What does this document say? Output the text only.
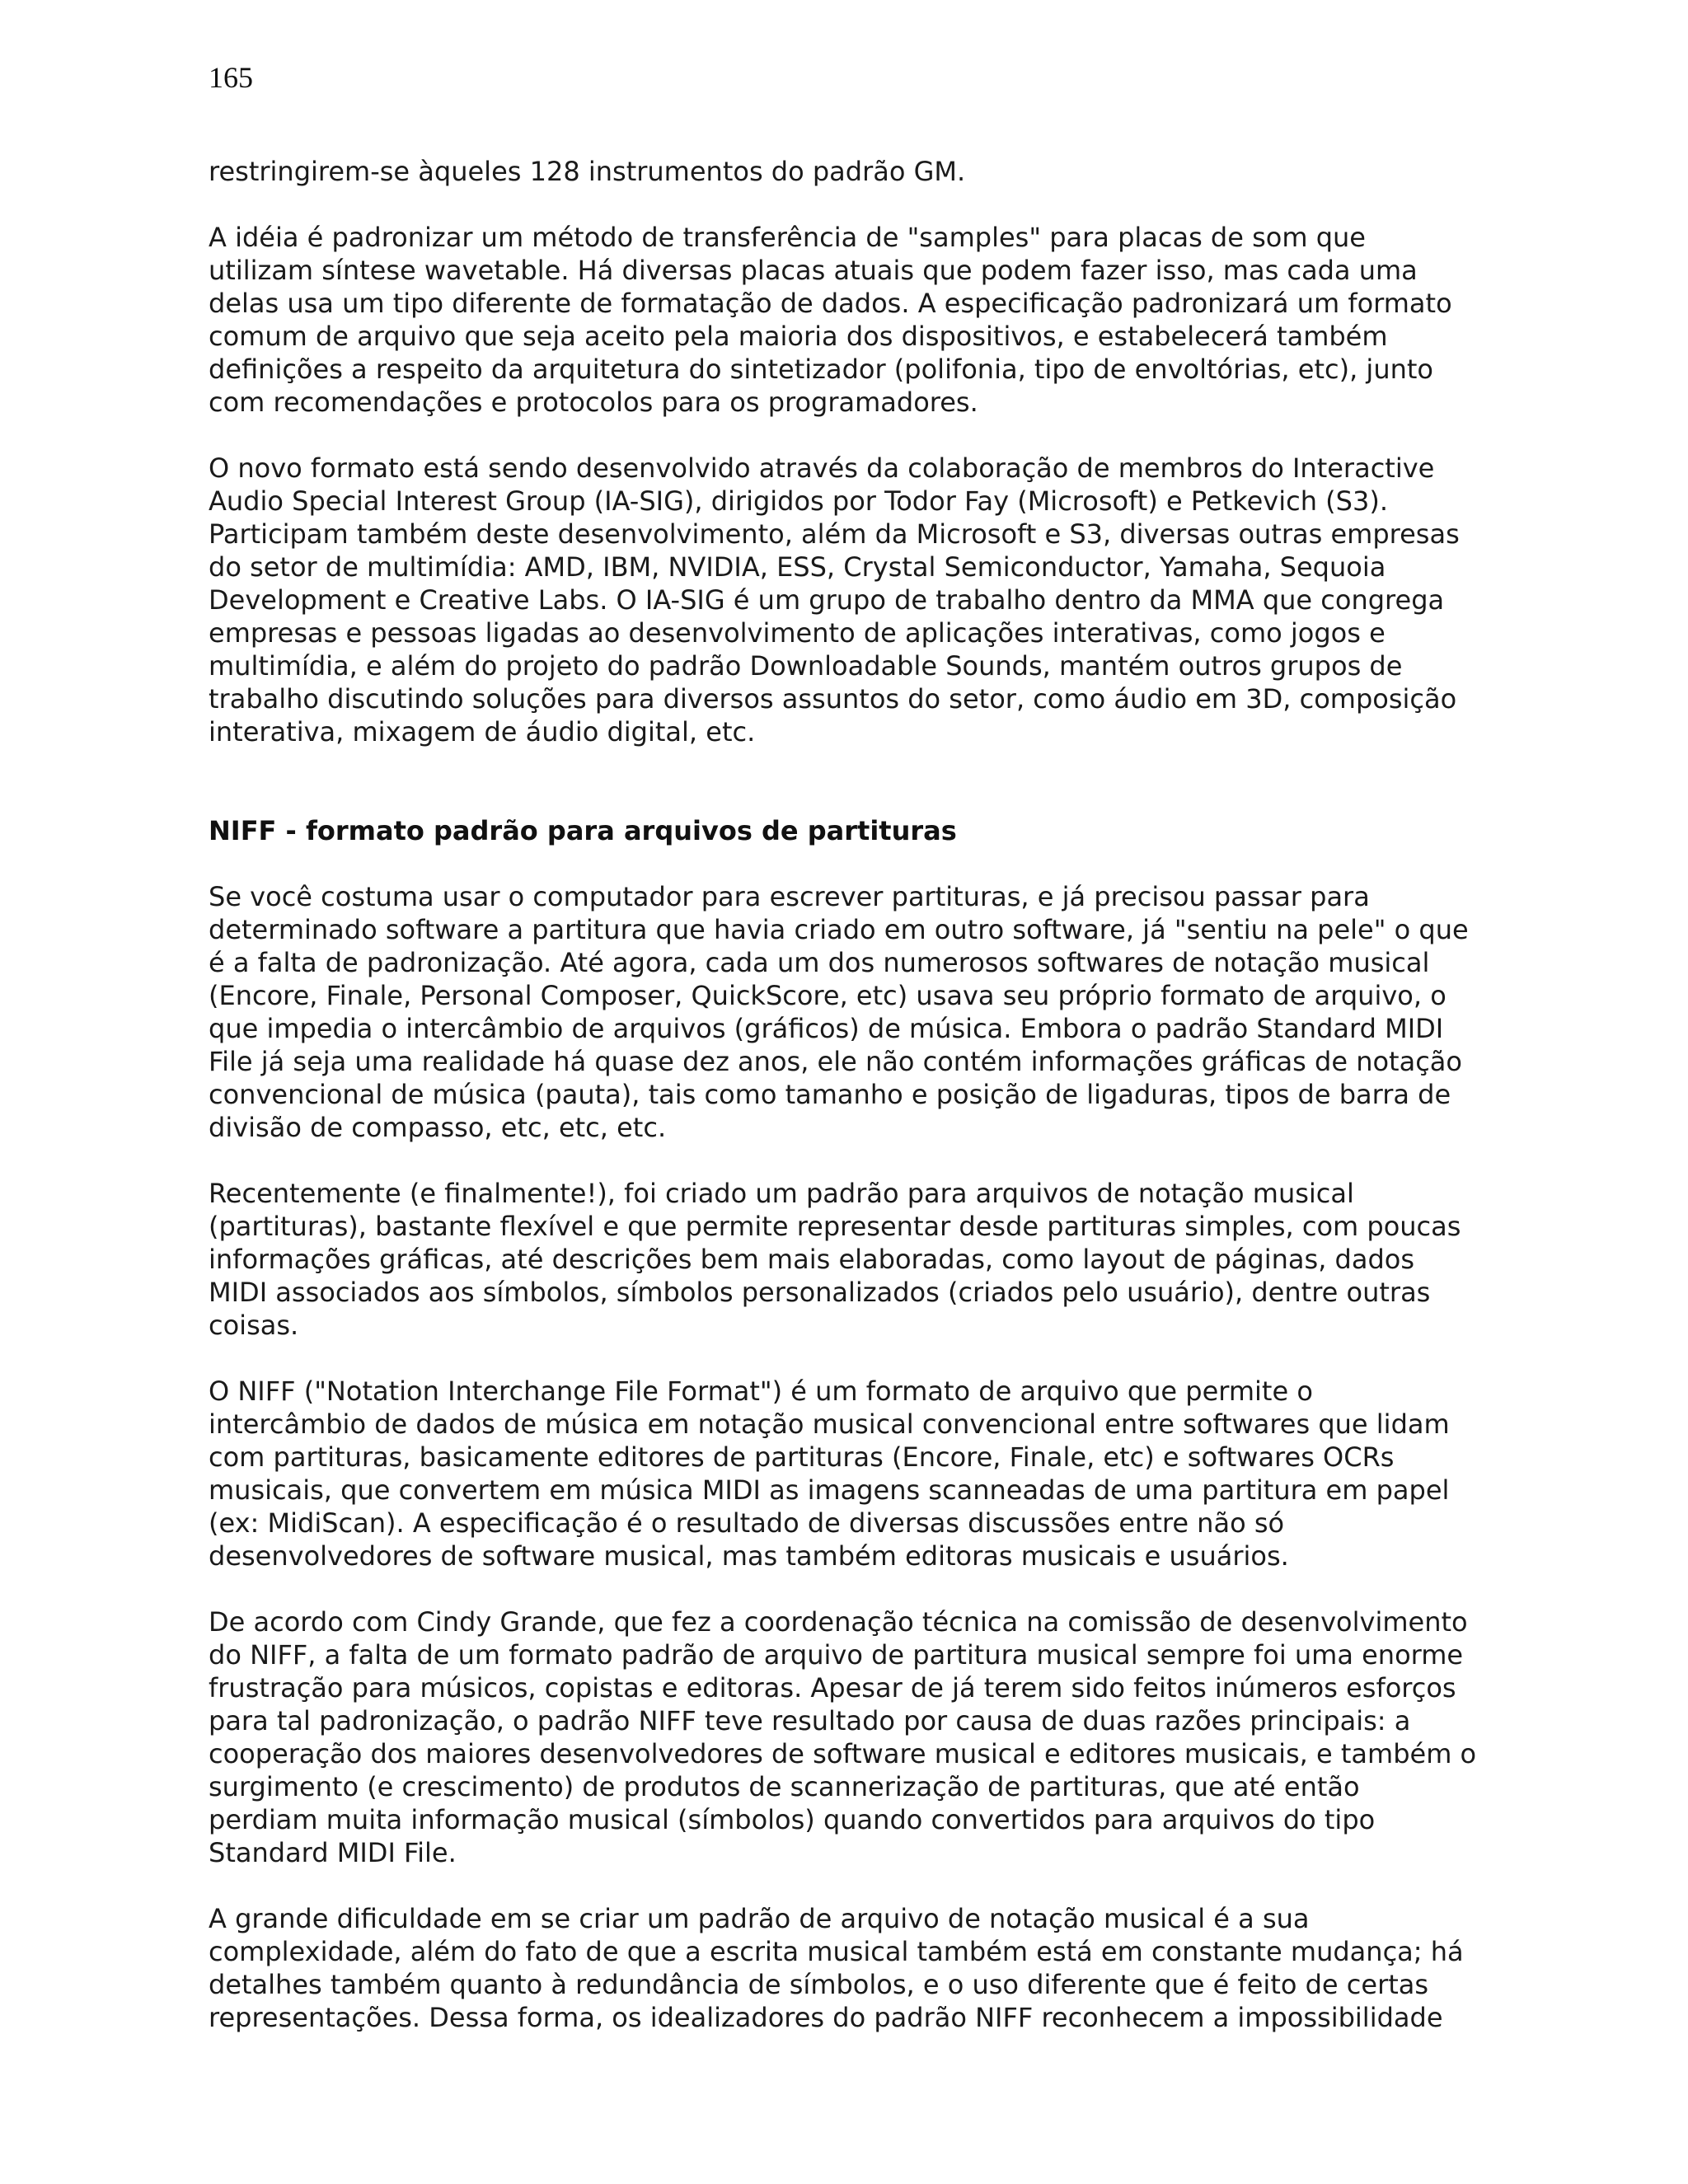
165

restringirem-se àqueles 128 instrumentos do padrão GM.

A idéia é padronizar um método de transferência de "samples" para placas de som que
utilizam síntese wavetable. Há diversas placas atuais que podem fazer isso, mas cada uma
delas usa um tipo diferente de formatação de dados. A especificação padronizará um formato
comum de arquivo que seja aceito pela maioria dos dispositivos, e estabelecerá também
definições a respeito da arquitetura do sintetizador (polifonia, tipo de envoltórias, etc), junto
com recomendações e protocolos para os programadores.

O novo formato está sendo desenvolvido através da colaboração de membros do Interactive
Audio Special Interest Group (IA-SIG), dirigidos por Todor Fay (Microsoft) e Petkevich (S3).
Participam também deste desenvolvimento, além da Microsoft e S3, diversas outras empresas
do setor de multimídia: AMD, IBM, NVIDIA, ESS, Crystal Semiconductor, Yamaha, Sequoia
Development e Creative Labs. O IA-SIG é um grupo de trabalho dentro da MMA que congrega
empresas e pessoas ligadas ao desenvolvimento de aplicações interativas, como jogos e
multimídia, e além do projeto do padrão Downloadable Sounds, mantém outros grupos de
trabalho discutindo soluções para diversos assuntos do setor, como áudio em 3D, composição
interativa, mixagem de áudio digital, etc.

NIFF - formato padrão para arquivos de partituras

Se você costuma usar o computador para escrever partituras, e já precisou passar para
determinado software a partitura que havia criado em outro software, já "sentiu na pele" o que
é a falta de padronização. Até agora, cada um dos numerosos softwares de notação musical
(Encore, Finale, Personal Composer, QuickScore, etc) usava seu próprio formato de arquivo, o
que impedia o intercâmbio de arquivos (gráficos) de música. Embora o padrão Standard MIDI
File já seja uma realidade há quase dez anos, ele não contém informações gráficas de notação
convencional de música (pauta), tais como tamanho e posição de ligaduras, tipos de barra de
divisão de compasso, etc, etc, etc.

Recentemente (e finalmente!), foi criado um padrão para arquivos de notação musical
(partituras), bastante flexível e que permite representar desde partituras simples, com poucas
informações gráficas, até descrições bem mais elaboradas, como layout de páginas, dados
MIDI associados aos símbolos, símbolos personalizados (criados pelo usuário), dentre outras
coisas.

O NIFF ("Notation Interchange File Format") é um formato de arquivo que permite o
intercâmbio de dados de música em notação musical convencional entre softwares que lidam
com partituras, basicamente editores de partituras (Encore, Finale, etc) e softwares OCRs
musicais, que convertem em música MIDI as imagens scanneadas de uma partitura em papel
(ex: MidiScan). A especificação é o resultado de diversas discussões entre não só
desenvolvedores de software musical, mas também editoras musicais e usuários.

De acordo com Cindy Grande, que fez a coordenação técnica na comissão de desenvolvimento
do NIFF, a falta de um formato padrão de arquivo de partitura musical sempre foi uma enorme
frustração para músicos, copistas e editoras. Apesar de já terem sido feitos inúmeros esforços
para tal padronização, o padrão NIFF teve resultado por causa de duas razões principais: a
cooperação dos maiores desenvolvedores de software musical e editores musicais, e também o
surgimento (e crescimento) de produtos de scannerização de partituras, que até então
perdiam muita informação musical (símbolos) quando convertidos para arquivos do tipo
Standard MIDI File.

A grande dificuldade em se criar um padrão de arquivo de notação musical é a sua
complexidade, além do fato de que a escrita musical também está em constante mudança; há
detalhes também quanto à redundância de símbolos, e o uso diferente que é feito de certas
representações. Dessa forma, os idealizadores do padrão NIFF reconhecem a impossibilidade
